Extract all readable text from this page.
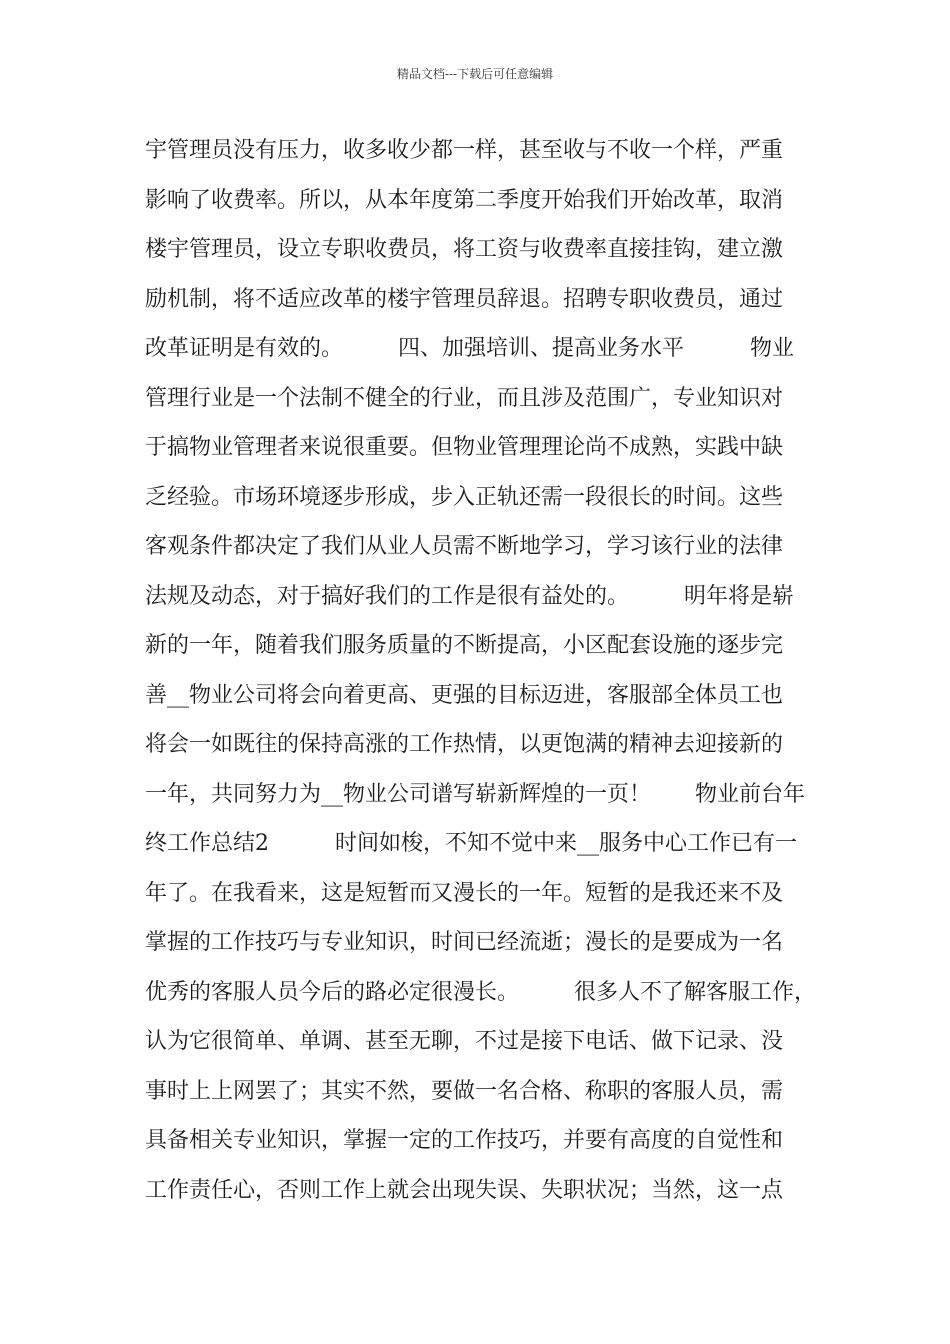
精品文档---下载后可任意编辑
宇管理员没有压力，收多收少都一样，甚至收与不收一个样，严重
影响了收费率。所以，从本年度第二季度开始我们开始改革，取消
楼宇管理员，设立专职收费员，将工资与收费率直接挂钩，建立激
励机制，将不适应改革的楼宇管理员辞退。招聘专职收费员，通过
改革证明是有效的。　　　四、加强培训、提高业务水平　　　物业
管理行业是一个法制不健全的行业，而且涉及范围广，专业知识对
于搞物业管理者来说很重要。但物业管理理论尚不成熟，实践中缺
乏经验。市场环境逐步形成，步入正轨还需一段很长的时间。这些
客观条件都决定了我们从业人员需不断地学习，学习该行业的法律
法规及动态，对于搞好我们的工作是很有益处的。　　　明年将是崭
新的一年，随着我们服务质量的不断提高，小区配套设施的逐步完
善__物业公司将会向着更高、更强的目标迈进，客服部全体员工也
将会一如既往的保持高涨的工作热情，以更饱满的精神去迎接新的
一年，共同努力为__物业公司谱写崭新辉煌的一页！　　物业前台年
终工作总结2　　　时间如梭，不知不觉中来__服务中心工作已有一
年了。在我看来，这是短暂而又漫长的一年。短暂的是我还来不及
掌握的工作技巧与专业知识，时间已经流逝；漫长的是要成为一名
优秀的客服人员今后的路必定很漫长。　　　很多人不了解客服工作，
认为它很简单、单调、甚至无聊，不过是接下电话、做下记录、没
事时上上网罢了；其实不然，要做一名合格、称职的客服人员，需
具备相关专业知识，掌握一定的工作技巧，并要有高度的自觉性和
工作责任心，否则工作上就会出现失误、失职状况；当然，这一点
